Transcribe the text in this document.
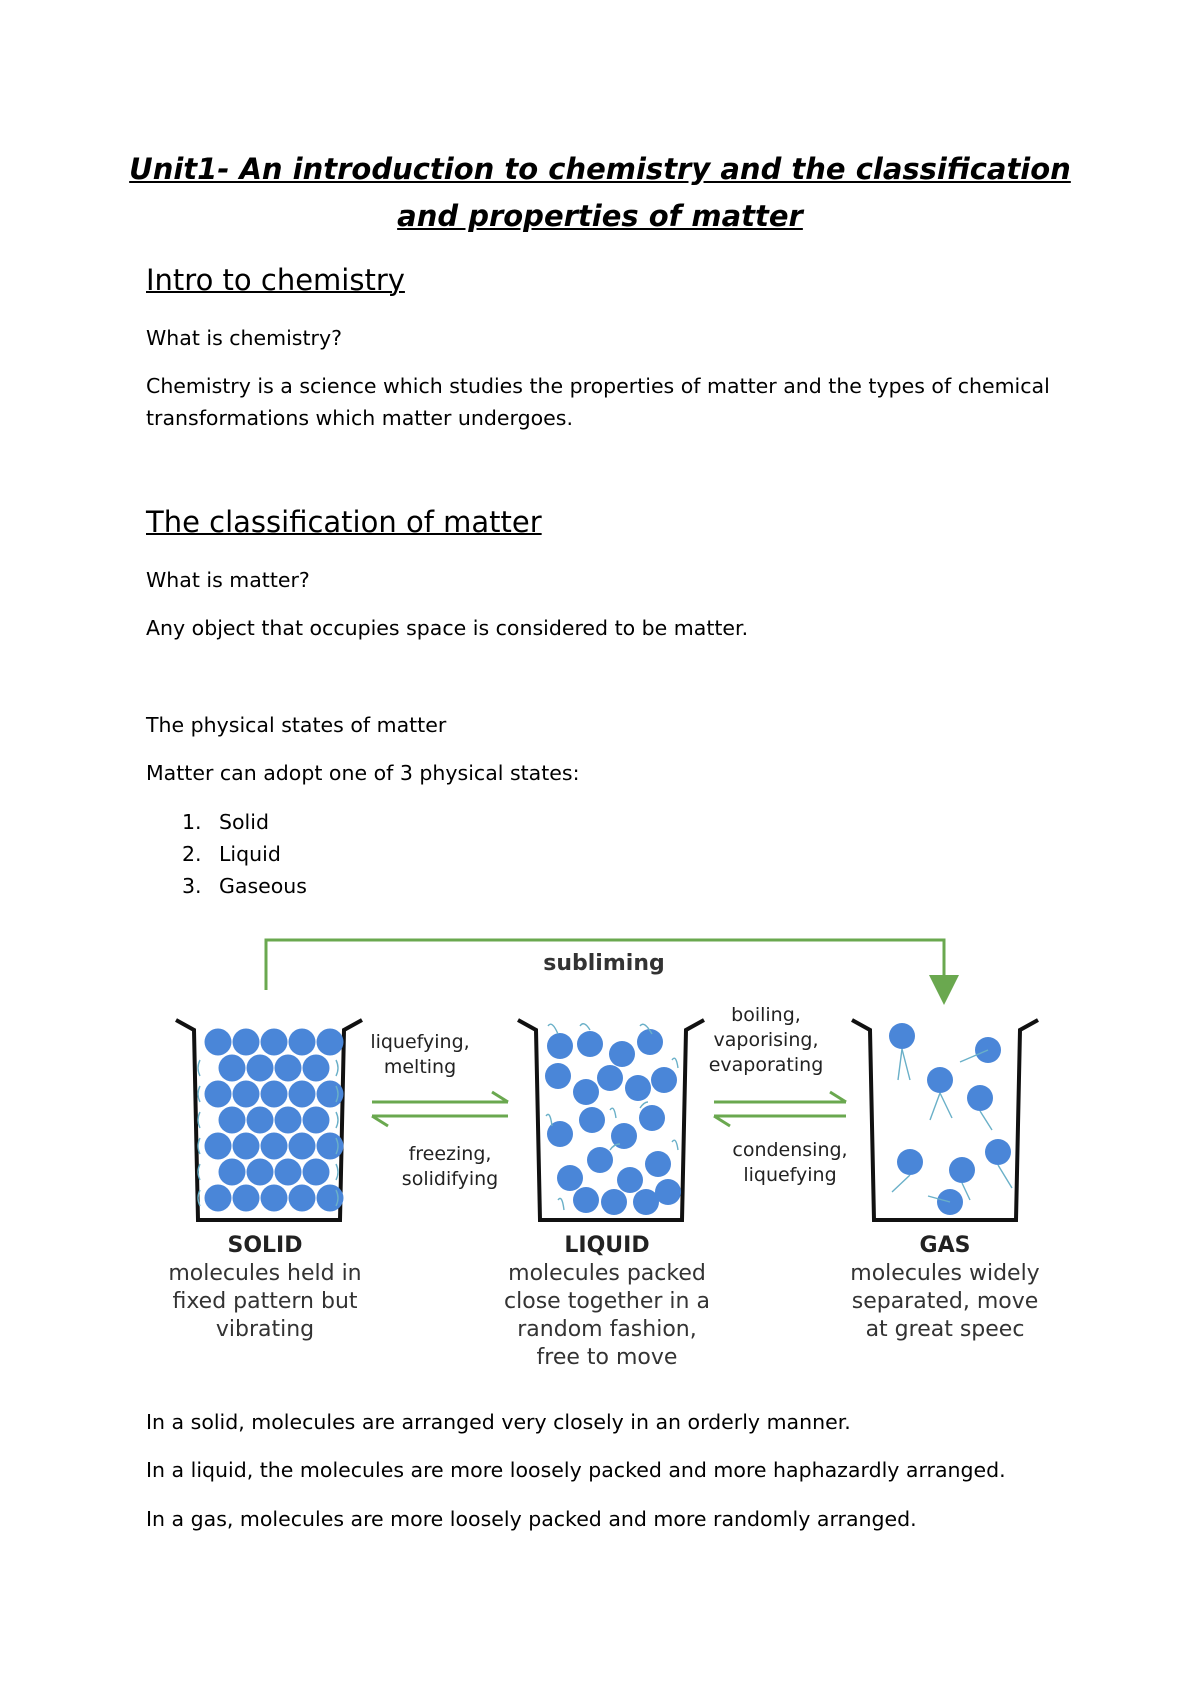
Unit1- An introduction to chemistry and the classification
and properties of matter
Intro to chemistry

What is chemistry?

Chemistry is a science which studies the properties of matter and the types of chemical

transformations which matter undergoes.

The classification of matter

What is matter?

Any object that occupies space is considered to be matter.

The physical states of matter

Matter can adopt one of 3 physical states:

1. Solid
2. Liquid
3. Gaseous
subliming
liquefying,
melting
freezing,
solidifying
boiling,
vaporising,
evaporating
condensing,
liquefying
SOLID
molecules held in
fixed pattern but
vibrating
LIQUID
molecules packed
close together in a
random fashion,
free to move
GAS
molecules widely
separated, move
at great speec

In a solid, molecules are arranged very closely in an orderly manner.

In a liquid, the molecules are more loosely packed and more haphazardly arranged.

In a gas, molecules are more loosely packed and more randomly arranged.
